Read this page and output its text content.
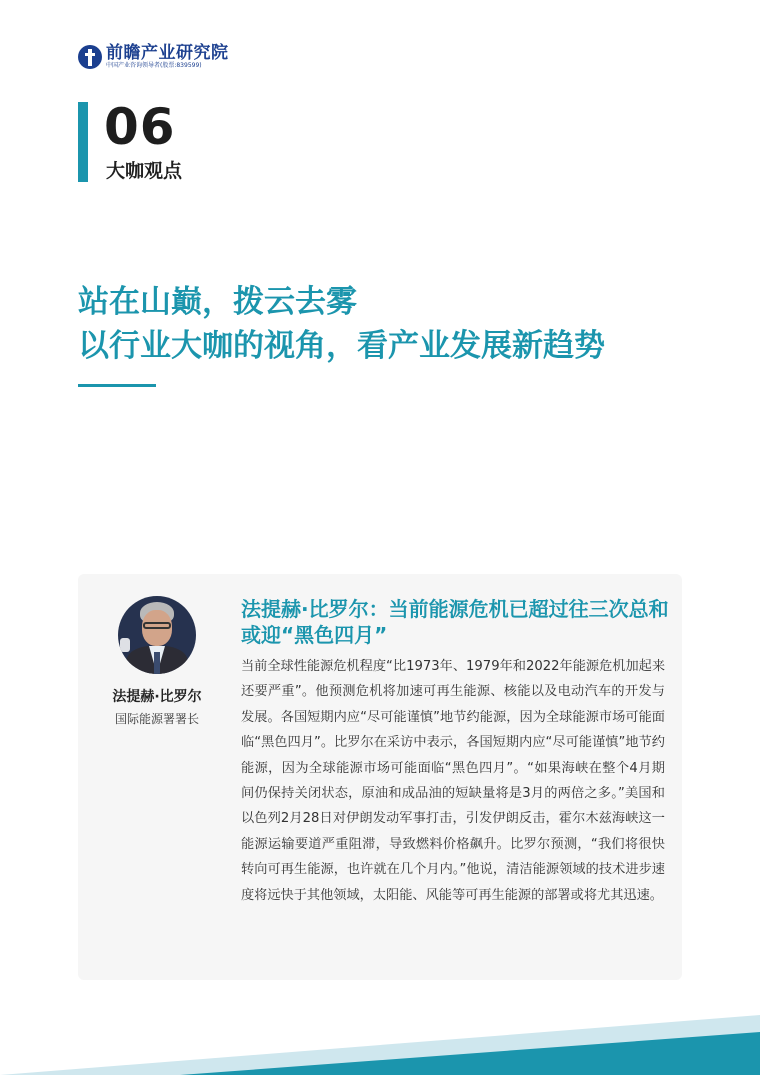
前瞻产业研究院
中国产业咨询领导者(股票:839599)
06
大咖观点
站在山巅，拨云去雾
以行业大咖的视角，看产业发展新趋势
法提赫·比罗尔
国际能源署署长
法提赫·比罗尔：当前能源危机已超过往三次总和 或迎“黑色四月”
当前全球性能源危机程度“比1973年、1979年和2022年能源危机加起来还要严重”。他预测危机将加速可再生能源、核能以及电动汽车的开发与发展。各国短期内应“尽可能谨慎”地节约能源，因为全球能源市场可能面临“黑色四月”。比罗尔在采访中表示，各国短期内应“尽可能谨慎”地节约能源，因为全球能源市场可能面临“黑色四月”。“如果海峡在整个4月期间仍保持关闭状态，原油和成品油的短缺量将是3月的两倍之多。”美国和以色列2月28日对伊朗发动军事打击，引发伊朗反击，霍尔木兹海峡这一能源运输要道严重阻滞，导致燃料价格飙升。比罗尔预测，“我们将很快转向可再生能源，也许就在几个月内。”他说，清洁能源领域的技术进步速度将远快于其他领域，太阳能、风能等可再生能源的部署或将尤其迅速。
